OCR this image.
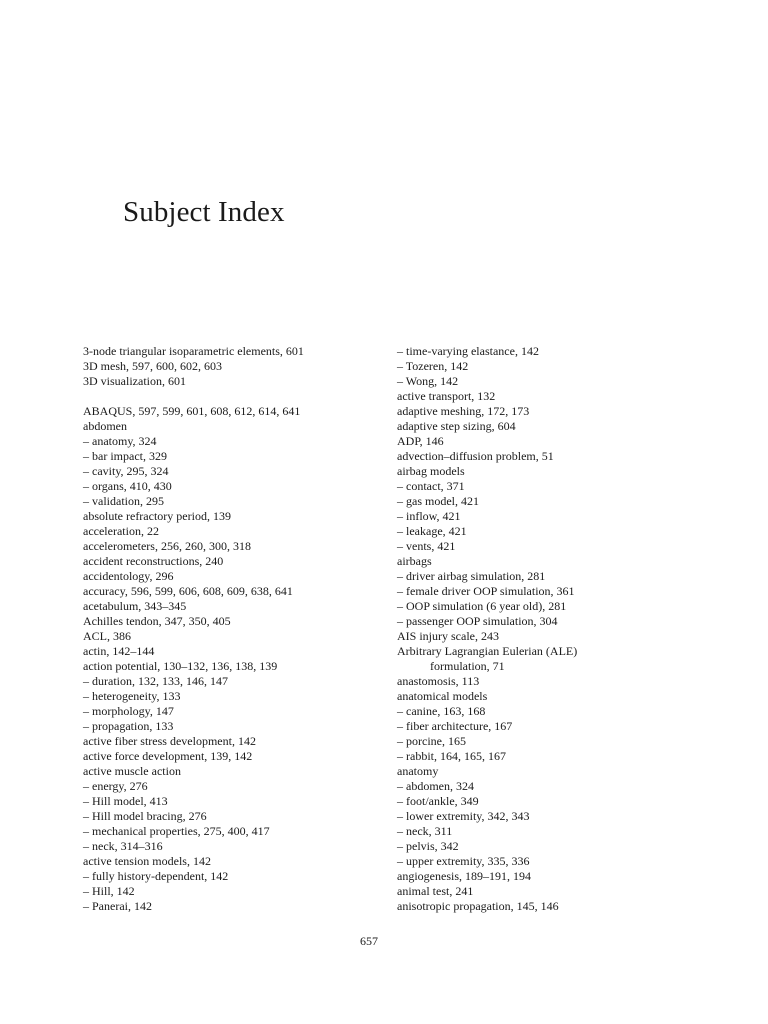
Subject Index
3-node triangular isoparametric elements, 601
3D mesh, 597, 600, 602, 603
3D visualization, 601
ABAQUS, 597, 599, 601, 608, 612, 614, 641
abdomen
– anatomy, 324
– bar impact, 329
– cavity, 295, 324
– organs, 410, 430
– validation, 295
absolute refractory period, 139
acceleration, 22
accelerometers, 256, 260, 300, 318
accident reconstructions, 240
accidentology, 296
accuracy, 596, 599, 606, 608, 609, 638, 641
acetabulum, 343–345
Achilles tendon, 347, 350, 405
ACL, 386
actin, 142–144
action potential, 130–132, 136, 138, 139
– duration, 132, 133, 146, 147
– heterogeneity, 133
– morphology, 147
– propagation, 133
active fiber stress development, 142
active force development, 139, 142
active muscle action
– energy, 276
– Hill model, 413
– Hill model bracing, 276
– mechanical properties, 275, 400, 417
– neck, 314–316
active tension models, 142
– fully history-dependent, 142
– Hill, 142
– Panerai, 142
– time-varying elastance, 142
– Tozeren, 142
– Wong, 142
active transport, 132
adaptive meshing, 172, 173
adaptive step sizing, 604
ADP, 146
advection–diffusion problem, 51
airbag models
– contact, 371
– gas model, 421
– inflow, 421
– leakage, 421
– vents, 421
airbags
– driver airbag simulation, 281
– female driver OOP simulation, 361
– OOP simulation (6 year old), 281
– passenger OOP simulation, 304
AIS injury scale, 243
Arbitrary Lagrangian Eulerian (ALE)
formulation, 71
anastomosis, 113
anatomical models
– canine, 163, 168
– fiber architecture, 167
– porcine, 165
– rabbit, 164, 165, 167
anatomy
– abdomen, 324
– foot/ankle, 349
– lower extremity, 342, 343
– neck, 311
– pelvis, 342
– upper extremity, 335, 336
angiogenesis, 189–191, 194
animal test, 241
anisotropic propagation, 145, 146
657
